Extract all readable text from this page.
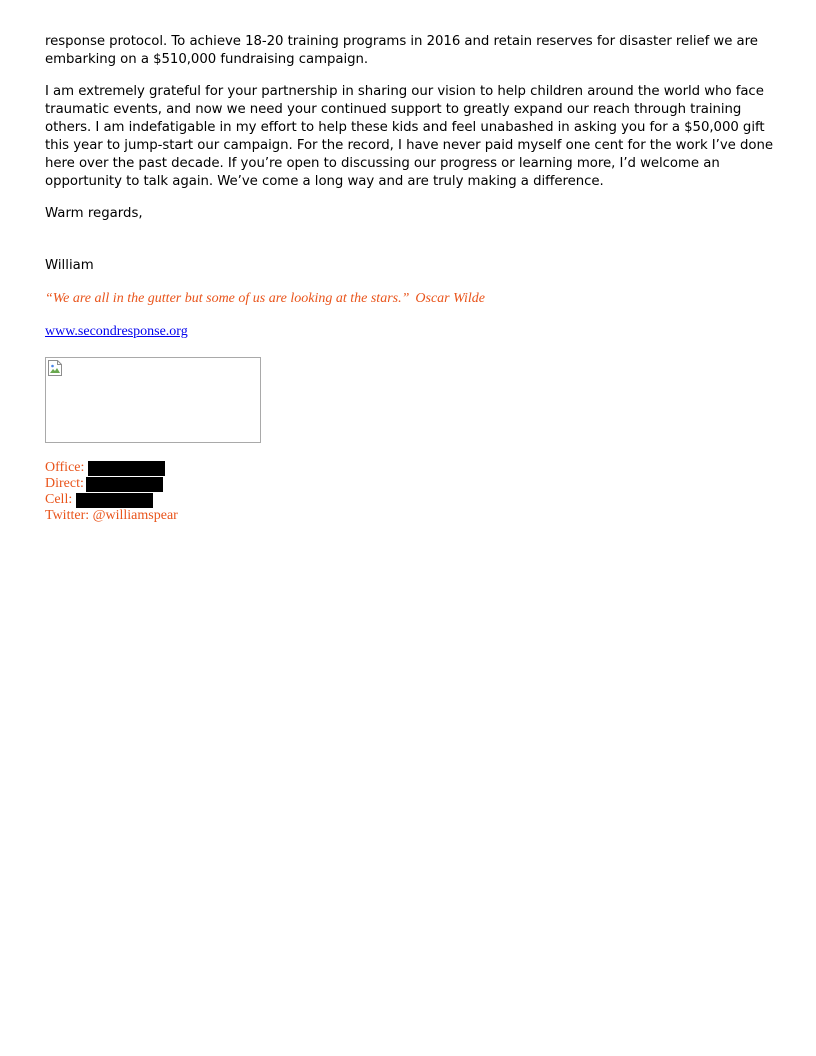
response protocol. To achieve 18-20 training programs in 2016 and retain reserves for disaster relief we are embarking on a $510,000 fundraising campaign.

I am extremely grateful for your partnership in sharing our vision to help children around the world who face traumatic events, and now we need your continued support to greatly expand our reach through training others. I am indefatigable in my effort to help these kids and feel unabashed in asking you for a $50,000 gift this year to jump-start our campaign. For the record, I have never paid myself one cent for the work I’ve done here over the past decade. If you’re open to discussing our progress or learning more, I’d welcome an opportunity to talk again. We’ve come a long way and are truly making a difference.

Warm regards,

William

“We are all in the gutter but some of us are looking at the stars.” Oscar Wilde
www.secondresponse.org
Office:
Direct:
Cell:
Twitter: @williamspear
